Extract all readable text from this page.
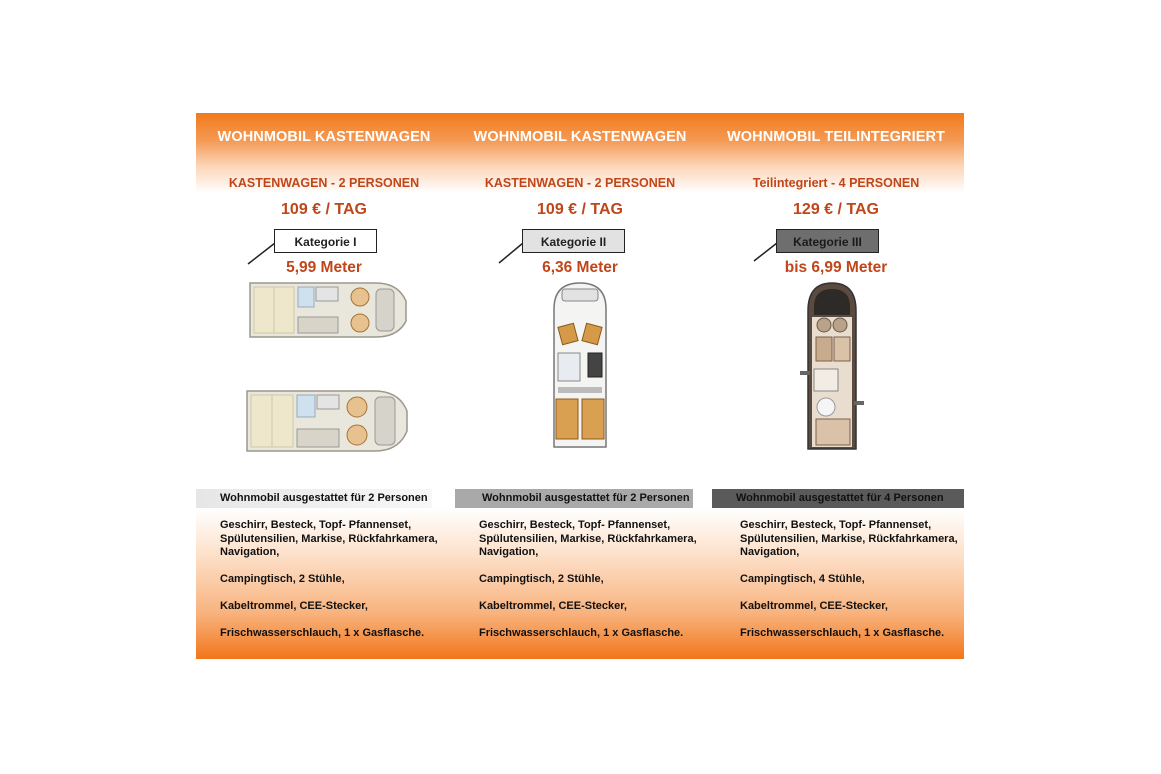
WOHNMOBIL KASTENWAGEN
KASTENWAGEN - 2 PERSONEN
109 € / TAG
Kategorie I
5,99 Meter
Wohnmobil ausgestattet für 2 Personen
Geschirr, Besteck, Topf- Pfannenset, Spülutensilien, Markise, Rückfahrkamera, Navigation,
Campingtisch, 2 Stühle,
Kabeltrommel, CEE-Stecker,
Frischwasserschlauch, 1 x Gasflasche.
WOHNMOBIL KASTENWAGEN
KASTENWAGEN - 2 PERSONEN
109 € / TAG
Kategorie II
6,36 Meter
Wohnmobil ausgestattet für 2 Personen
Geschirr, Besteck, Topf- Pfannenset, Spülutensilien, Markise, Rückfahrkamera, Navigation,
Campingtisch, 2 Stühle,
Kabeltrommel, CEE-Stecker,
Frischwasserschlauch, 1 x Gasflasche.
WOHNMOBIL TEILINTEGRIERT
Teilintegriert - 4 PERSONEN
129 € / TAG
Kategorie III
bis 6,99 Meter
Wohnmobil ausgestattet für 4 Personen
Geschirr, Besteck, Topf- Pfannenset, Spülutensilien, Markise, Rückfahrkamera, Navigation,
Campingtisch, 4 Stühle,
Kabeltrommel, CEE-Stecker,
Frischwasserschlauch, 1 x Gasflasche.
